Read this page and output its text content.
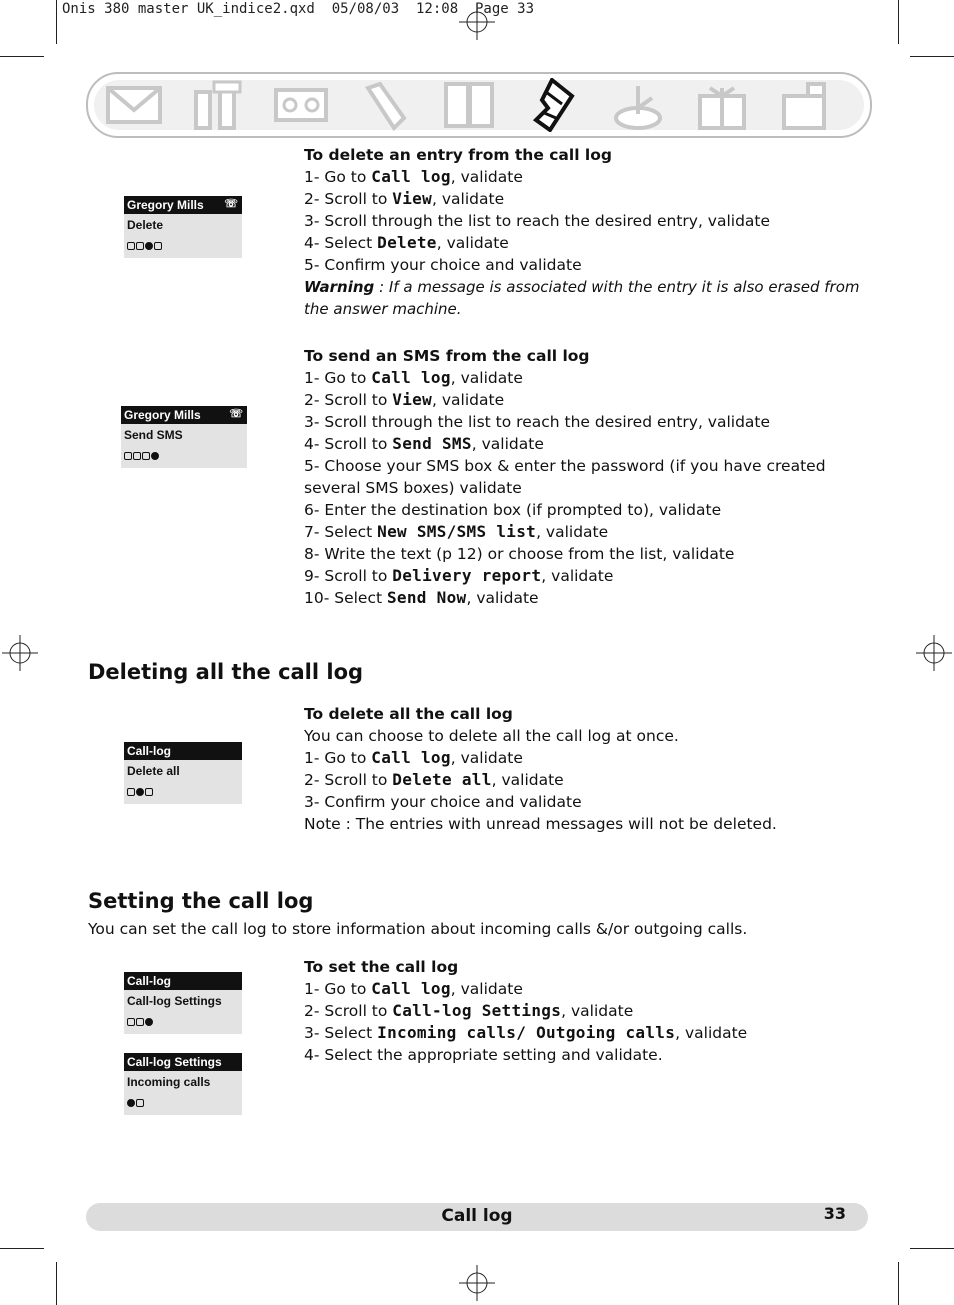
Onis 380 master UK_indice2.qxd  05/08/03  12:08  Page 33
To delete an entry from the call log

1- Go to Call log, validate

2- Scroll to View, validate

3- Scroll through the list to reach the desired entry, validate

4- Select Delete, validate

5- Confirm your choice and validate

Warning : If a message is associated with the entry it is also erased from the answer machine.

To send an SMS from the call log

1- Go to Call log, validate

2- Scroll to View, validate

3- Scroll through the list to reach the desired entry, validate

4- Scroll to Send SMS, validate

5- Choose your SMS box & enter the password (if you have created several SMS boxes) validate

6- Enter the destination box (if prompted to), validate

7- Select New SMS/SMS list, validate

8- Write the text (p 12) or choose from the list, validate

9- Scroll to Delivery report, validate

10- Select Send Now, validate

Deleting all the call log
To delete all the call log

You can choose to delete all the call log at once.

1- Go to Call log, validate

2- Scroll to Delete all, validate

3- Confirm your choice and validate

Note : The entries with unread messages will not be deleted.

Setting the call log
You can set the call log to store information about incoming calls &/or outgoing calls.
To set the call log

1- Go to Call log, validate

2- Scroll to Call-log Settings, validate

3- Select Incoming calls/ Outgoing calls, validate

4- Select the appropriate setting and validate.

Gregory Mills ☏
Delete
Gregory Mills	☏
Send SMS
Call-log
Delete all
Call-log
Call-log Settings
Call-log Settings
Incoming calls
Call log	33
